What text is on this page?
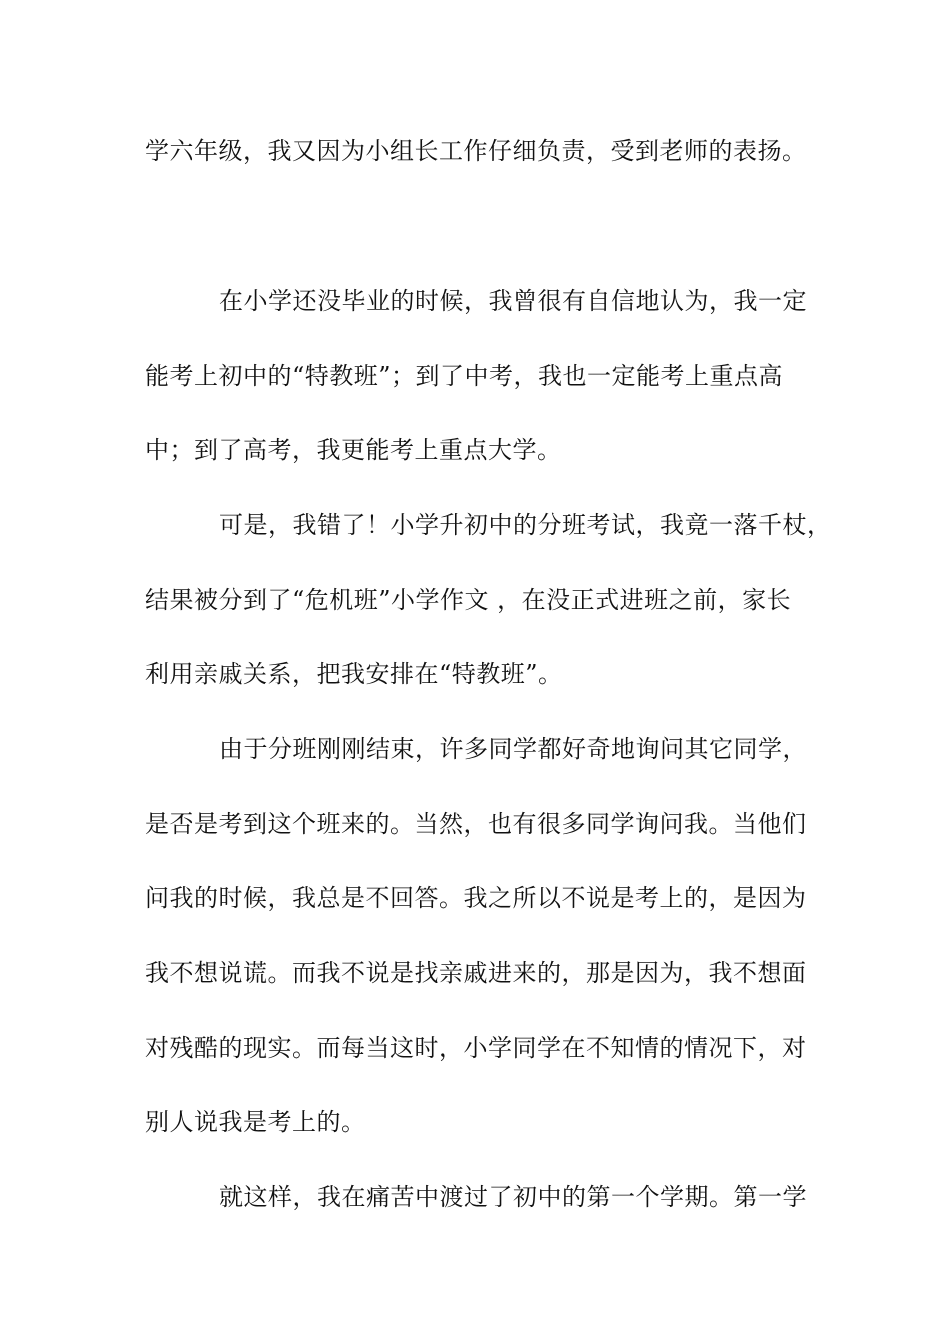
学六年级，我又因为小组长工作仔细负责，受到老师的表扬。
在小学还没毕业的时候，我曾很有自信地认为，我一定
能考上初中的“特教班”；到了中考，我也一定能考上重点高
中；到了高考，我更能考上重点大学。
可是，我错了！小学升初中的分班考试，我竟一落千杖，
结果被分到了“危机班”小学作文 ，在没正式进班之前，家长
利用亲戚关系，把我安排在“特教班”。
由于分班刚刚结束，许多同学都好奇地询问其它同学，
是否是考到这个班来的。当然，也有很多同学询问我。当他们
问我的时候，我总是不回答。我之所以不说是考上的，是因为
我不想说谎。而我不说是找亲戚进来的，那是因为，我不想面
对残酷的现实。而每当这时，小学同学在不知情的情况下，对
别人说我是考上的。
就这样，我在痛苦中渡过了初中的第一个学期。第一学
